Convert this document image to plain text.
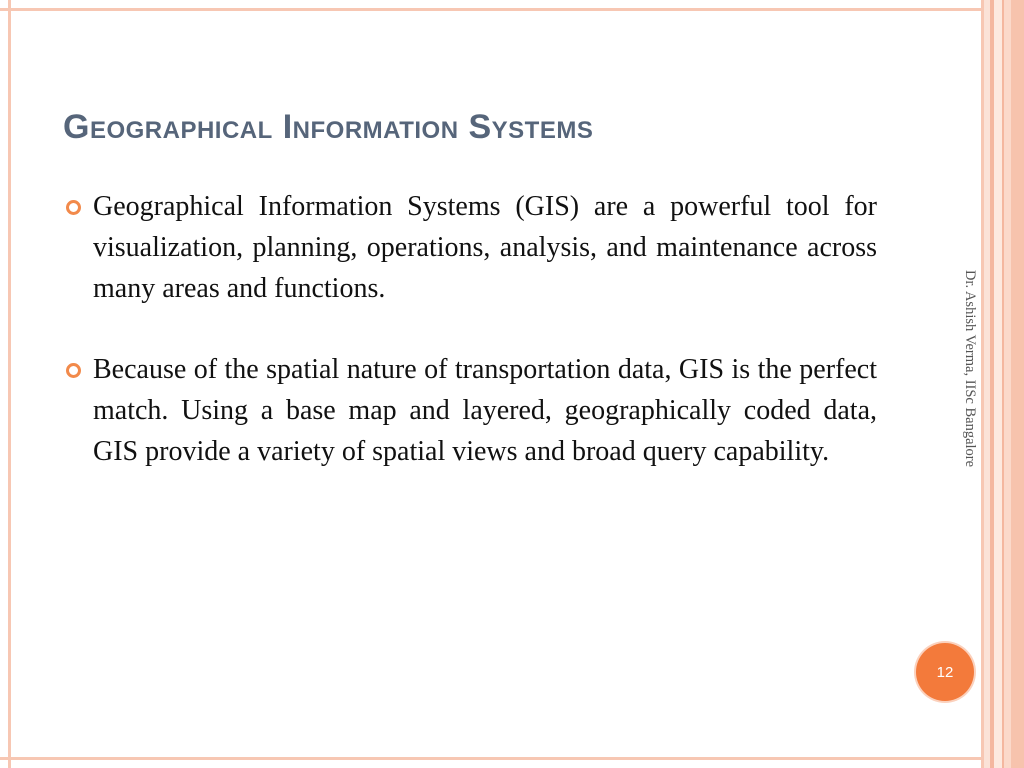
Geographical Information Systems
Geographical Information Systems (GIS) are a powerful tool for visualization, planning, operations, analysis, and maintenance across many areas and functions.
Because of the spatial nature of transportation data, GIS is the perfect match. Using a base map and layered, geographically coded data, GIS provide a variety of spatial views and broad query capability.	Dr. Ashish Verma, IISc Bangalore
12
